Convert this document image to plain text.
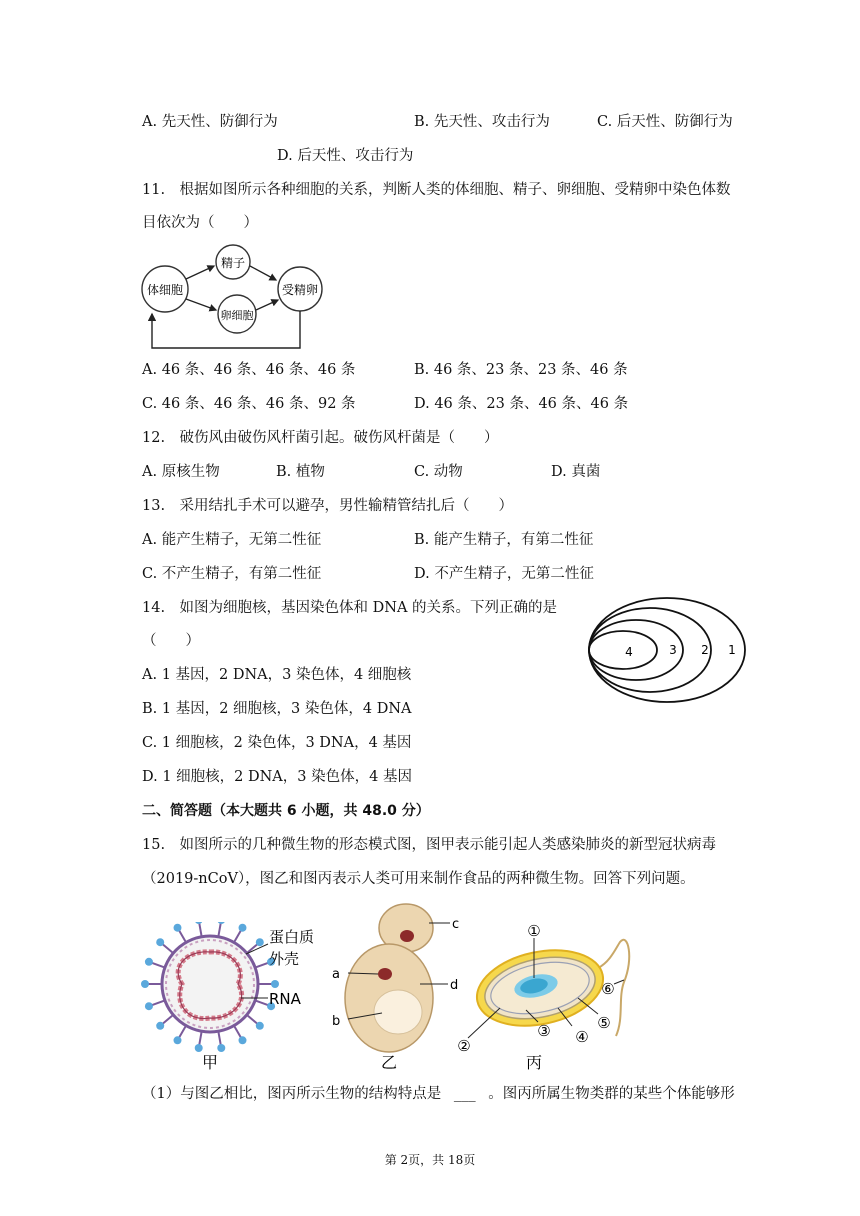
A. 先天性、防御行为	B. 先天性、攻击行为	C. 后天性、防御行为
D. 后天性、攻击行为
11.　根据如图所示各种细胞的关系，判断人类的体细胞、精子、卵细胞、受精卵中染色体数
目依次为（　　）
体细胞
精子
卵细胞
受精卵
A. 46 条、46 条、46 条、46 条	B. 46 条、23 条、23 条、46 条
C. 46 条、46 条、46 条、92 条	D. 46 条、23 条、46 条、46 条
12.　破伤风由破伤风杆菌引起。破伤风杆菌是（　　）
A. 原核生物	B. 植物	C. 动物	D. 真菌
13.　采用结扎手术可以避孕，男性输精管结扎后（　　）
A. 能产生精子，无第二性征	B. 能产生精子，有第二性征
C. 不产生精子，有第二性征	D. 不产生精子，无第二性征
14.　如图为细胞核，基因染色体和 DNA 的关系。下列正确的是
（　　）
4	3 2 1
A. 1 基因，2 DNA，3 染色体，4 细胞核
B. 1 基因，2 细胞核，3 染色体，4 DNA
C. 1 细胞核，2 染色体，3 DNA，4 基因
D. 1 细胞核，2 DNA，3 染色体，4 基因
二、简答题（本大题共 6 小题，共 48.0 分）
15.　如图所示的几种微生物的形态模式图，图甲表示能引起人类感染肺炎的新型冠状病毒
（2019-nCoV），图乙和图丙表示人类可用来制作食品的两种微生物。回答下列问题。
蛋白质
外壳
RNA
甲
a
b
c
d
乙
①
②
③ ④
⑤
⑥
丙
（1）与图乙相比，图丙所示生物的结构特点是 ___ 。图丙所属生物类群的某些个体能够形
第 2页，共 18页
